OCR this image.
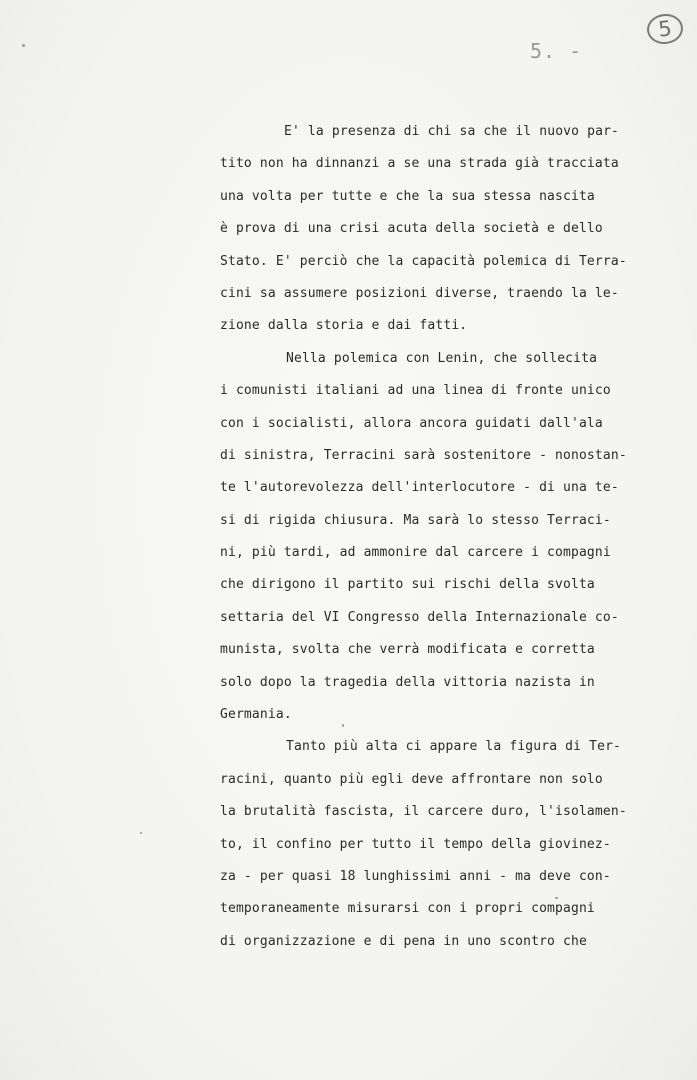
5
5. -
E' la presenza di chi sa che il nuovo par-
tito non ha dinnanzi a se una strada già tracciata
una volta per tutte e che la sua stessa nascita
è prova di una crisi acuta della società e dello
Stato. E' perciò che la capacità polemica di Terra-
cini sa assumere posizioni diverse, traendo la le-
zione dalla storia e dai fatti.
Nella polemica con Lenin, che sollecita
i comunisti italiani ad una linea di fronte unico
con i socialisti, allora ancora guidati dall'ala
di sinistra, Terracini sarà sostenitore - nonostan-
te l'autorevolezza dell'interlocutore - di una te-
si di rigida chiusura. Ma sarà lo stesso Terraci-
ni, più tardi, ad ammonire dal carcere i compagni
che dirigono il partito sui rischi della svolta
settaria del VI Congresso della Internazionale co-
munista, svolta che verrà modificata e corretta
solo dopo la tragedia della vittoria nazista in
Germania.
Tanto più alta ci appare la figura di Ter-
racini, quanto più egli deve affrontare non solo
la brutalità fascista, il carcere duro, l'isolamen-
to, il confino per tutto il tempo della giovinez-
za - per quasi 18 lunghissimi anni - ma deve con-
temporaneamente misurarsi con i propri compagni
di organizzazione e di pena in uno scontro che
